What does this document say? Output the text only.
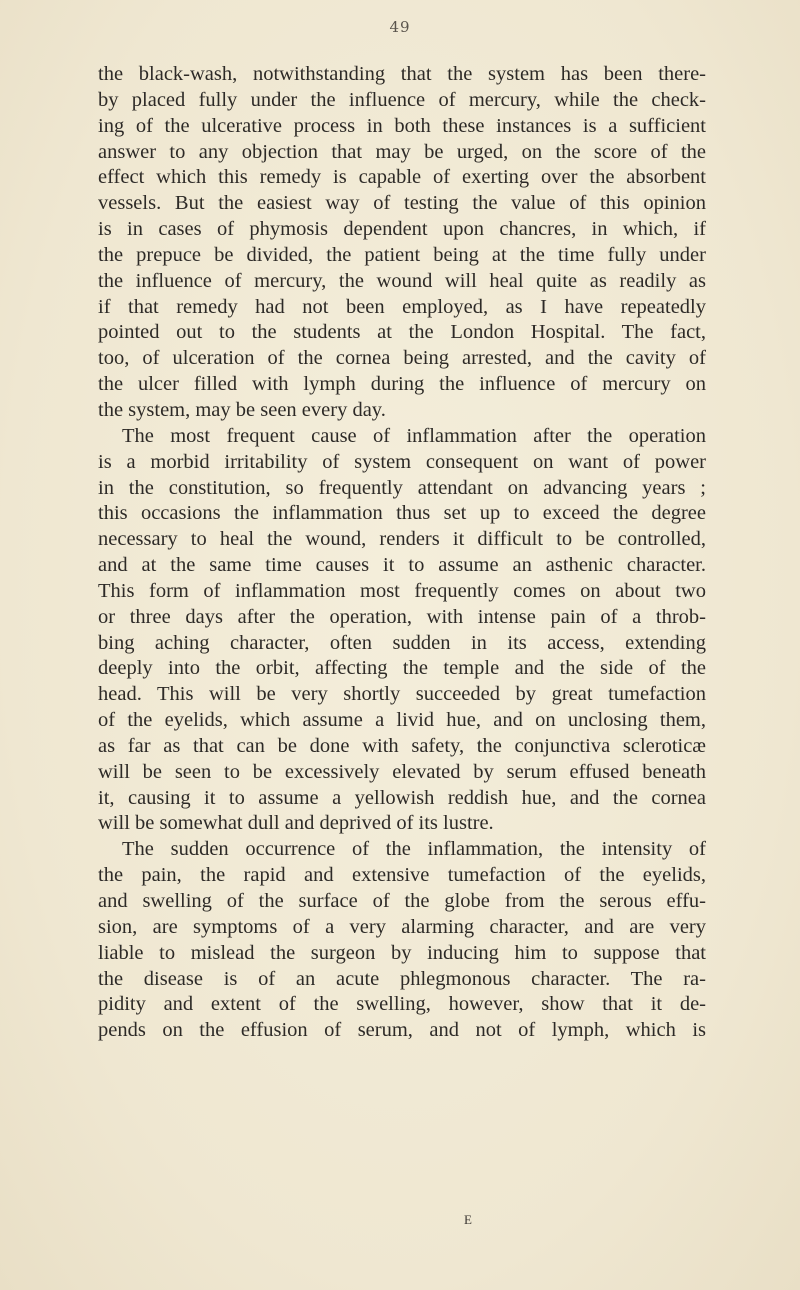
49
the black-wash, notwithstanding that the system has been there-
by placed fully under the influence of mercury, while the check-
ing of the ulcerative process in both these instances is a sufficient
answer to any objection that may be urged, on the score of the
effect which this remedy is capable of exerting over the absorbent
vessels. But the easiest way of testing the value of this opinion
is in cases of phymosis dependent upon chancres, in which, if
the prepuce be divided, the patient being at the time fully under
the influence of mercury, the wound will heal quite as readily as
if that remedy had not been employed, as I have repeatedly
pointed out to the students at the London Hospital. The fact,
too, of ulceration of the cornea being arrested, and the cavity of
the ulcer filled with lymph during the influence of mercury on
the system, may be seen every day.
The most frequent cause of inflammation after the operation
is a morbid irritability of system consequent on want of power
in the constitution, so frequently attendant on advancing years ;
this occasions the inflammation thus set up to exceed the degree
necessary to heal the wound, renders it difficult to be controlled,
and at the same time causes it to assume an asthenic character.
This form of inflammation most frequently comes on about two
or three days after the operation, with intense pain of a throb-
bing aching character, often sudden in its access, extending
deeply into the orbit, affecting the temple and the side of the
head. This will be very shortly succeeded by great tumefaction
of the eyelids, which assume a livid hue, and on unclosing them,
as far as that can be done with safety, the conjunctiva scleroticæ
will be seen to be excessively elevated by serum effused beneath
it, causing it to assume a yellowish reddish hue, and the cornea
will be somewhat dull and deprived of its lustre.
The sudden occurrence of the inflammation, the intensity of
the pain, the rapid and extensive tumefaction of the eyelids,
and swelling of the surface of the globe from the serous effu-
sion, are symptoms of a very alarming character, and are very
liable to mislead the surgeon by inducing him to suppose that
the disease is of an acute phlegmonous character. The ra-
pidity and extent of the swelling, however, show that it de-
pends on the effusion of serum, and not of lymph, which is
E
